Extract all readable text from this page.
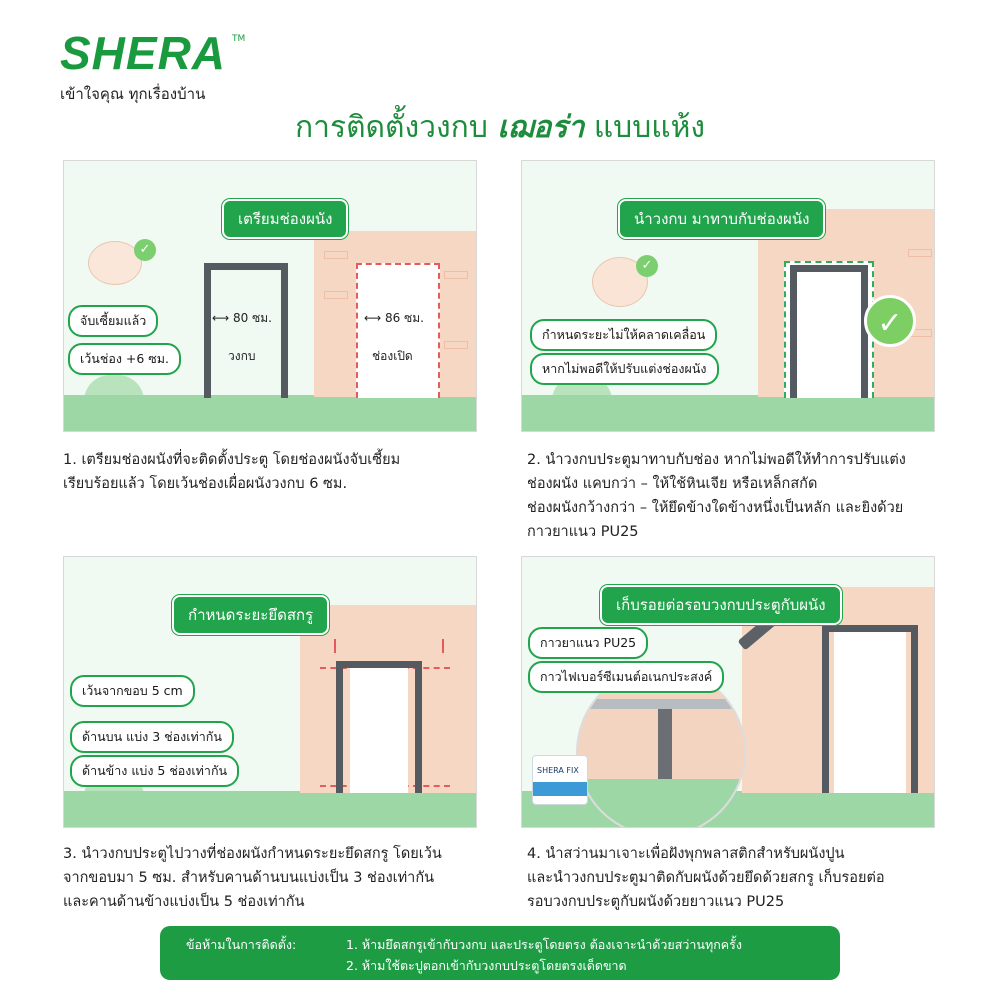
SHERA TM
เข้าใจคุณ ทุกเรื่องบ้าน
การติดตั้งวงกบ เฌอร่า แบบแห้ง
⟷ 80 ซม.
วงกบ
⟷ 86 ซม.
ช่องเปิด
เตรียมช่องผนัง
✓
จับเซี้ยมแล้ว
เว้นช่อง +6 ซม.
นำวงกบ มาทาบกับช่องผนัง
✓
✓
กำหนดระยะไม่ให้คลาดเคลื่อน
หากไม่พอดีให้ปรับแต่งช่องผนัง
1. เตรียมช่องผนังที่จะติดตั้งประตู โดยช่องผนังจับเซี้ยม
เรียบร้อยแล้ว โดยเว้นช่องเผื่อผนังวงกบ 6 ซม.
2. นำวงกบประตูมาทาบกับช่อง หากไม่พอดีให้ทำการปรับแต่ง
ช่องผนัง แคบกว่า – ให้ใช้หินเจีย หรือเหล็กสกัด
ช่องผนังกว้างกว่า – ให้ยึดข้างใดข้างหนึ่งเป็นหลัก และยิงด้วย
กาวยาแนว PU25
กำหนดระยะยึดสกรู
เว้นจากขอบ 5 cm
ด้านบน แบ่ง 3 ช่องเท่ากัน
ด้านข้าง แบ่ง 5 ช่องเท่ากัน	SHERA FIX
เก็บรอยต่อรอบวงกบประตูกับผนัง
กาวยาแนว PU25
กาวไฟเบอร์ซีเมนต์อเนกประสงค์
3. นำวงกบประตูไปวางที่ช่องผนังกำหนดระยะยึดสกรู โดยเว้น
จากขอบมา 5 ซม. สำหรับคานด้านบนแบ่งเป็น 3 ช่องเท่ากัน
และคานด้านข้างแบ่งเป็น 5 ช่องเท่ากัน
4. นำสว่านมาเจาะเพื่อฝังพุกพลาสติกสำหรับผนังปูน
และนำวงกบประตูมาติดกับผนังด้วยยึดด้วยสกรู เก็บรอยต่อ
รอบวงกบประตูกับผนังด้วยยาวแนว PU25
ข้อห้ามในการติดตั้ง:	1. ห้ามยึดสกรูเข้ากับวงกบ และประตูโดยตรง ต้องเจาะนำด้วยสว่านทุกครั้ง
2. ห้ามใช้ตะปูตอกเข้ากับวงกบประตูโดยตรงเด็ดขาด
